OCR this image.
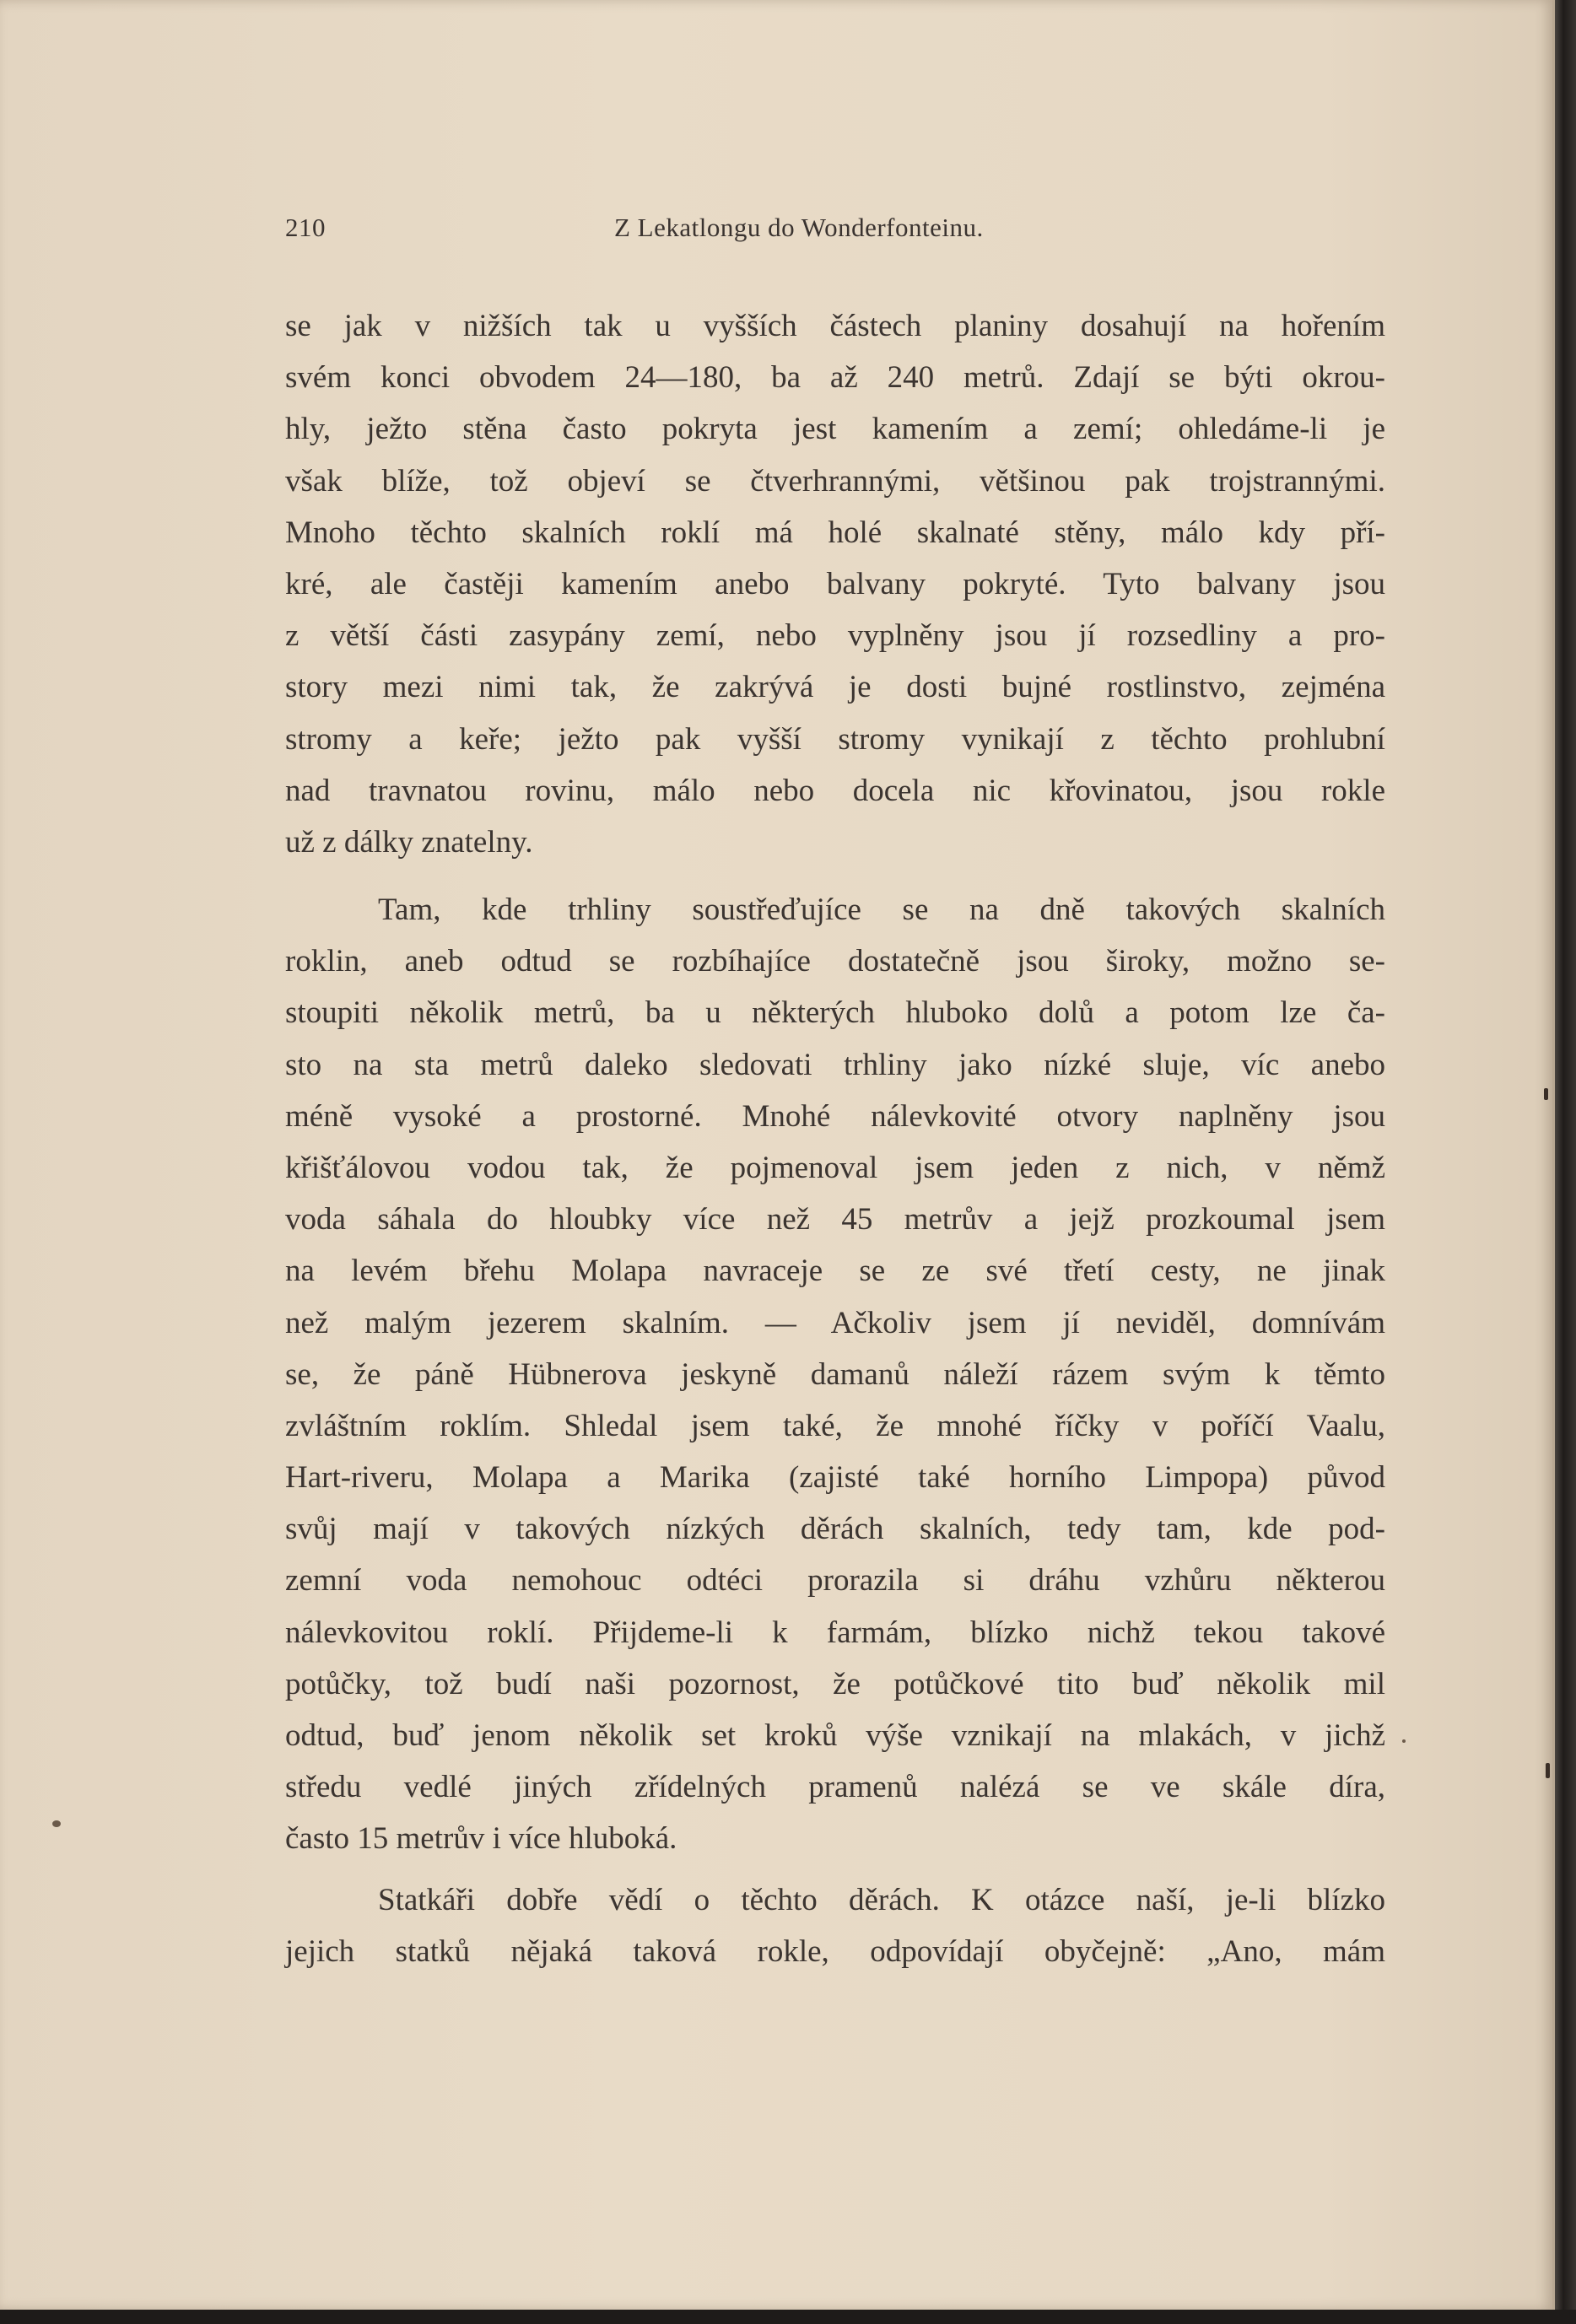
210	Z Lekatlongu do Wonderfonteinu.
se jak v nižších tak u vyšších částech planiny dosahují na hořením
svém konci obvodem 24—180, ba až 240 metrů. Zdají se býti okrou-
hly, ježto stěna často pokryta jest kamením a zemí; ohledáme-li je
však blíže, tož objeví se čtverhrannými, většinou pak trojstrannými.
Mnoho těchto skalních roklí má holé skalnaté stěny, málo kdy pří-
kré, ale častěji kamením anebo balvany pokryté. Tyto balvany jsou
z větší části zasypány zemí, nebo vyplněny jsou jí rozsedliny a pro-
story mezi nimi tak, že zakrývá je dosti bujné rostlinstvo, zejména
stromy a keře; ježto pak vyšší stromy vynikají z těchto prohlubní
nad travnatou rovinu, málo nebo docela nic křovinatou, jsou rokle
už z dálky znatelny.
Tam, kde trhliny soustřeďujíce se na dně takových skalních
roklin, aneb odtud se rozbíhajíce dostatečně jsou široky, možno se-
stoupiti několik metrů, ba u některých hluboko dolů a potom lze ča-
sto na sta metrů daleko sledovati trhliny jako nízké sluje, víc anebo
méně vysoké a prostorné. Mnohé nálevkovité otvory naplněny jsou
křišťálovou vodou tak, že pojmenoval jsem jeden z nich, v němž
voda sáhala do hloubky více než 45 metrův a jejž prozkoumal jsem
na levém břehu Molapa navraceje se ze své třetí cesty, ne jinak
než malým jezerem skalním. — Ačkoliv jsem jí neviděl, domnívám
se, že páně Hübnerova jeskyně damanů náleží rázem svým k těmto
zvláštním roklím. Shledal jsem také, že mnohé říčky v poříčí Vaalu,
Hart-riveru, Molapa a Marika (zajisté také horního Limpopa) původ
svůj mají v takových nízkých děrách skalních, tedy tam, kde pod-
zemní voda nemohouc odtéci prorazila si dráhu vzhůru některou
nálevkovitou roklí. Přijdeme-li k farmám, blízko nichž tekou takové
potůčky, tož budí naši pozornost, že potůčkové tito buď několik mil
odtud, buď jenom několik set kroků výše vznikají na mlakách, v jichž
středu vedlé jiných zřídelných pramenů nalézá se ve skále díra,
často 15 metrův i více hluboká.
Statkáři dobře vědí o těchto děrách. K otázce naší, je-li blízko
jejich statků nějaká taková rokle, odpovídají obyčejně: „Ano, mám
